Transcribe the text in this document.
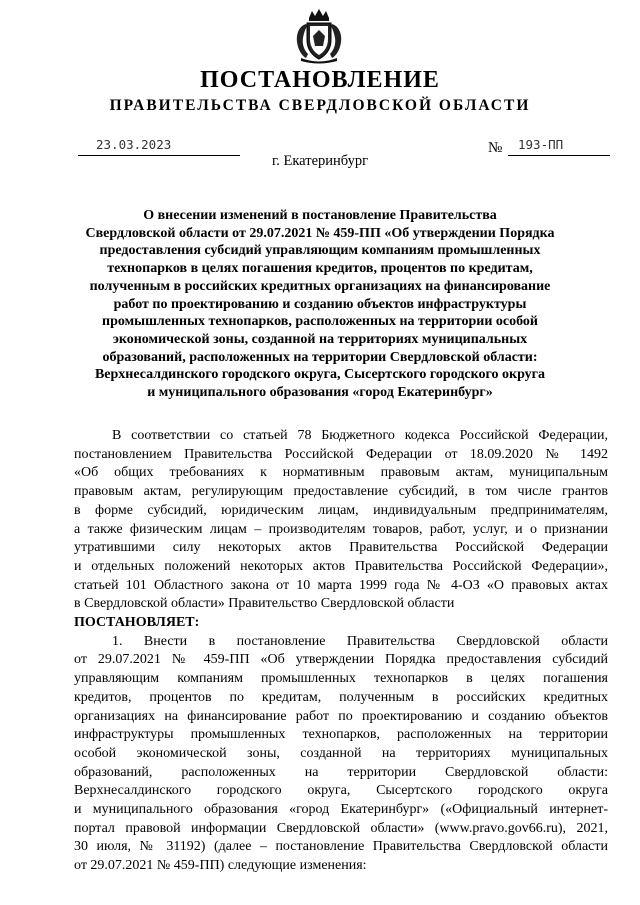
ПОСТАНОВЛЕНИЕ
ПРАВИТЕЛЬСТВА СВЕРДЛОВСКОЙ ОБЛАСТИ
23.03.2023	№ 193-ПП
г. Екатеринбург
О внесении изменений в постановление Правительства
Свердловской области от 29.07.2021 № 459-ПП «Об утверждении Порядка
предоставления субсидий управляющим компаниям промышленных
технопарков в целях погашения кредитов, процентов по кредитам,
полученным в российских кредитных организациях на финансирование
работ по проектированию и созданию объектов инфраструктуры
промышленных технопарков, расположенных на территории особой
экономической зоны, созданной на территориях муниципальных
образований, расположенных на территории Свердловской области:
Верхнесалдинского городского округа, Сысертского городского округа
и муниципального образования «город Екатеринбург»

В соответствии со статьей 78 Бюджетного кодекса Российской Федерации,
постановлением Правительства Российской Федерации от 18.09.2020 № 1492
«Об общих требованиях к нормативным правовым актам, муниципальным
правовым актам, регулирующим предоставление субсидий, в том числе грантов
в форме субсидий, юридическим лицам, индивидуальным предпринимателям,
а также физическим лицам – производителям товаров, работ, услуг, и о признании
утратившими силу некоторых актов Правительства Российской Федерации
и отдельных положений некоторых актов Правительства Российской Федерации»,
статьей 101 Областного закона от 10 марта 1999 года № 4-ОЗ «О правовых актах
в Свердловской области» Правительство Свердловской области

ПОСТАНОВЛЯЕТ:

1. Внести в постановление Правительства Свердловской области
от 29.07.2021 № 459-ПП «Об утверждении Порядка предоставления субсидий
управляющим компаниям промышленных технопарков в целях погашения
кредитов, процентов по кредитам, полученным в российских кредитных
организациях на финансирование работ по проектированию и созданию объектов
инфраструктуры промышленных технопарков, расположенных на территории
особой экономической зоны, созданной на территориях муниципальных
образований, расположенных на территории Свердловской области:
Верхнесалдинского городского округа, Сысертского городского округа
и муниципального образования «город Екатеринбург» («Официальный интернет-
портал правовой информации Свердловской области» (www.pravo.gov66.ru), 2021,
30 июля, № 31192) (далее – постановление Правительства Свердловской области
от 29.07.2021 № 459-ПП) следующие изменения:
